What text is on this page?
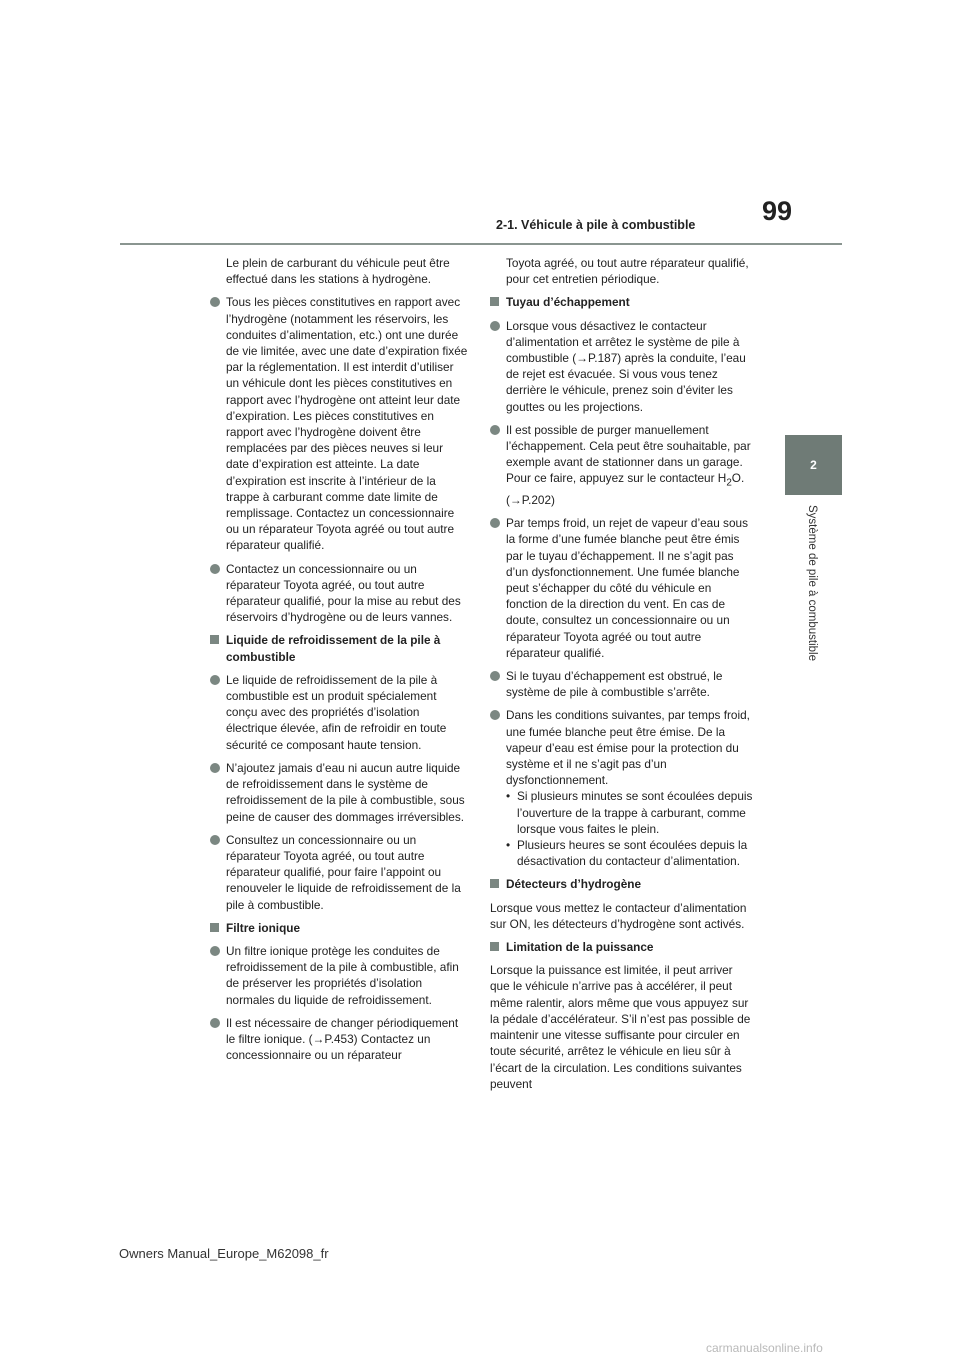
2-1. Véhicule à pile à combustible 99
2
Système de pile à combustible
Le plein de carburant du véhicule peut être effectué dans les stations à hydrogène.
Tous les pièces constitutives en rapport avec l’hydrogène (notamment les réservoirs, les conduites d’alimentation, etc.) ont une durée de vie limitée, avec une date d’expiration fixée par la réglementation. Il est interdit d’utiliser un véhicule dont les pièces constitutives en rapport avec l’hydrogène ont atteint leur date d’expiration. Les pièces constitutives en rapport avec l’hydrogène doivent être remplacées par des pièces neuves si leur date d’expiration est atteinte. La date d’expiration est inscrite à l’intérieur de la trappe à carburant comme date limite de remplissage. Contactez un concessionnaire ou un réparateur Toyota agréé ou tout autre réparateur qualifié.
Contactez un concessionnaire ou un réparateur Toyota agréé, ou tout autre réparateur qualifié, pour la mise au rebut des réservoirs d’hydrogène ou de leurs vannes.
Liquide de refroidissement de la pile à combustible
Le liquide de refroidissement de la pile à combustible est un produit spécialement conçu avec des propriétés d’isolation électrique élevée, afin de refroidir en toute sécurité ce composant haute tension.
N’ajoutez jamais d’eau ni aucun autre liquide de refroidissement dans le système de refroidissement de la pile à combustible, sous peine de causer des dommages irréversibles.
Consultez un concessionnaire ou un réparateur Toyota agréé, ou tout autre réparateur qualifié, pour faire l’appoint ou renouveler le liquide de refroidissement de la pile à combustible.
Filtre ionique
Un filtre ionique protège les conduites de refroidissement de la pile à combustible, afin de préserver les propriétés d’isolation normales du liquide de refroidissement.
Il est nécessaire de changer périodiquement le filtre ionique. (→P.453) Contactez un concessionnaire ou un réparateur
Toyota agréé, ou tout autre réparateur qualifié, pour cet entretien périodique.
Tuyau d’échappement
Lorsque vous désactivez le contacteur d’alimentation et arrêtez le système de pile à combustible (→P.187) après la conduite, l’eau de rejet est évacuée. Si vous vous tenez derrière le véhicule, prenez soin d’éviter les gouttes ou les projections.
Il est possible de purger manuellement l’échappement. Cela peut être souhaitable, par exemple avant de stationner dans un garage. Pour ce faire, appuyez sur le contacteur $H_2O$. (→P.202)
Par temps froid, un rejet de vapeur d’eau sous la forme d’une fumée blanche peut être émis par le tuyau d’échappement. Il ne s’agit pas d’un dysfonctionnement. Une fumée blanche peut s’échapper du côté du véhicule en fonction de la direction du vent. En cas de doute, consultez un concessionnaire ou un réparateur Toyota agréé ou tout autre réparateur qualifié.
Si le tuyau d’échappement est obstrué, le système de pile à combustible s’arrête.
Dans les conditions suivantes, par temps froid, une fumée blanche peut être émise. De la vapeur d’eau est émise pour la protection du système et il ne s’agit pas d’un dysfonctionnement.
• Si plusieurs minutes se sont écoulées depuis l’ouverture de la trappe à carburant, comme lorsque vous faites le plein.
• Plusieurs heures se sont écoulées depuis la désactivation du contacteur d’alimentation.
Détecteurs d’hydrogène
Lorsque vous mettez le contacteur d’alimentation sur ON, les détecteurs d’hydrogène sont activés.
Limitation de la puissance
Lorsque la puissance est limitée, il peut arriver que le véhicule n’arrive pas à accélérer, il peut même ralentir, alors même que vous appuyez sur la pédale d’accélérateur. S’il n’est pas possible de maintenir une vitesse suffisante pour circuler en toute sécurité, arrêtez le véhicule en lieu sûr à l’écart de la circulation. Les conditions suivantes peuvent
Owners Manual_Europe_M62098_fr
carmanualsonline.info
